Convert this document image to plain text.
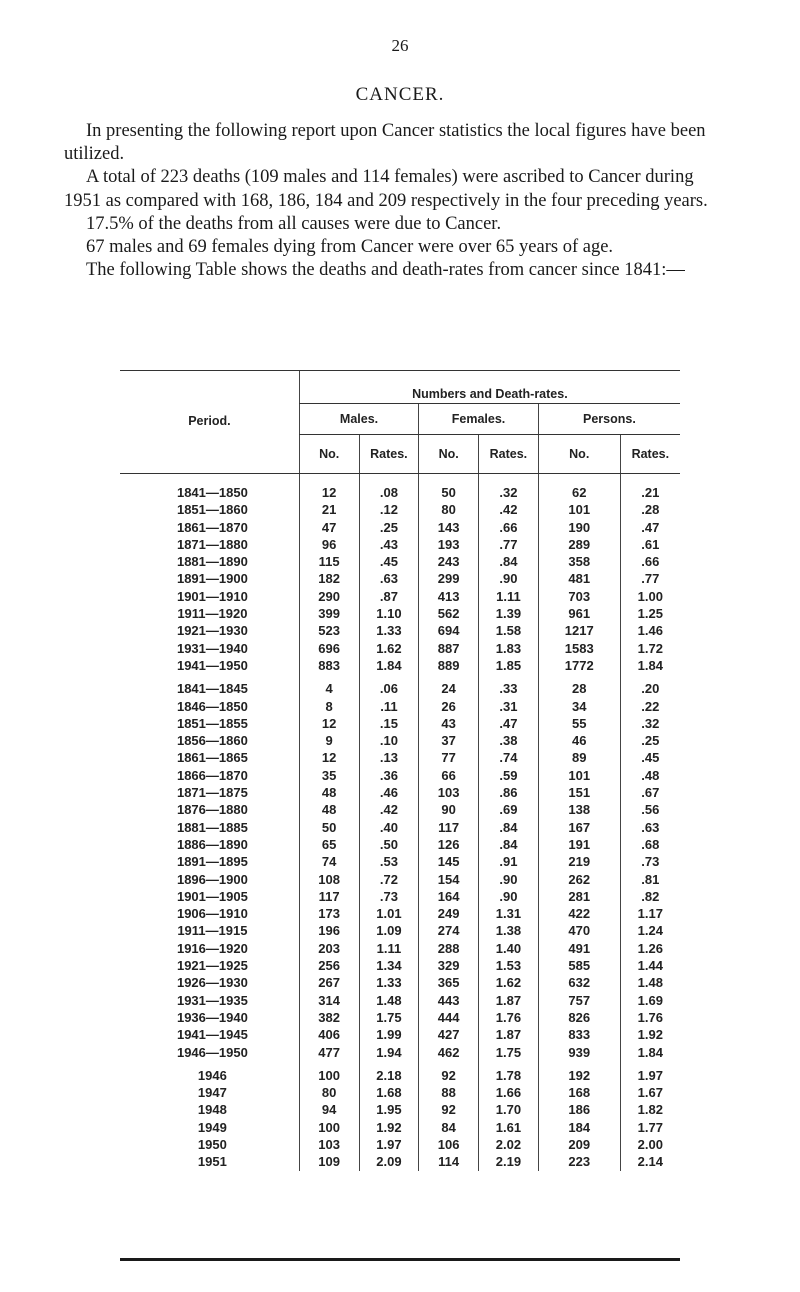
26
CANCER.

In presenting the following report upon Cancer statistics the local figures have been utilized.

A total of 223 deaths (109 males and 114 females) were ascribed to Cancer during 1951 as compared with 168, 186, 184 and 209 respectively in the four preceding years.

17.5% of the deaths from all causes were due to Cancer.

67 males and 69 females dying from Cancer were over 65 years of age.

The following Table shows the deaths and death-rates from cancer since 1841:—

Period.	Numbers and Death-rates.					
	Males.		Females.		Persons.	
	No.	Rates.	No.	Rates.	No.	Rates.

1841—1850	12	.08	50	.32	62	.21
1851—1860	21	.12	80	.42	101	.28
1861—1870	47	.25	143	.66	190	.47
1871—1880	96	.43	193	.77	289	.61
1881—1890	115	.45	243	.84	358	.66
1891—1900	182	.63	299	.90	481	.77
1901—1910	290	.87	413	1.11	703	1.00
1911—1920	399	1.10	562	1.39	961	1.25
1921—1930	523	1.33	694	1.58	1217	1.46
1931—1940	696	1.62	887	1.83	1583	1.72
1941—1950	883	1.84	889	1.85	1772	1.84

1841—1845	4	.06	24	.33	28	.20
1846—1850	8	.11	26	.31	34	.22
1851—1855	12	.15	43	.47	55	.32
1856—1860	9	.10	37	.38	46	.25
1861—1865	12	.13	77	.74	89	.45
1866—1870	35	.36	66	.59	101	.48
1871—1875	48	.46	103	.86	151	.67
1876—1880	48	.42	90	.69	138	.56
1881—1885	50	.40	117	.84	167	.63
1886—1890	65	.50	126	.84	191	.68
1891—1895	74	.53	145	.91	219	.73
1896—1900	108	.72	154	.90	262	.81
1901—1905	117	.73	164	.90	281	.82
1906—1910	173	1.01	249	1.31	422	1.17
1911—1915	196	1.09	274	1.38	470	1.24
1916—1920	203	1.11	288	1.40	491	1.26
1921—1925	256	1.34	329	1.53	585	1.44
1926—1930	267	1.33	365	1.62	632	1.48
1931—1935	314	1.48	443	1.87	757	1.69
1936—1940	382	1.75	444	1.76	826	1.76
1941—1945	406	1.99	427	1.87	833	1.92
1946—1950	477	1.94	462	1.75	939	1.84

1946	100	2.18	92	1.78	192	1.97
1947	80	1.68	88	1.66	168	1.67
1948	94	1.95	92	1.70	186	1.82
1949	100	1.92	84	1.61	184	1.77
1950	103	1.97	106	2.02	209	2.00
1951	109	2.09	114	2.19	223	2.14
